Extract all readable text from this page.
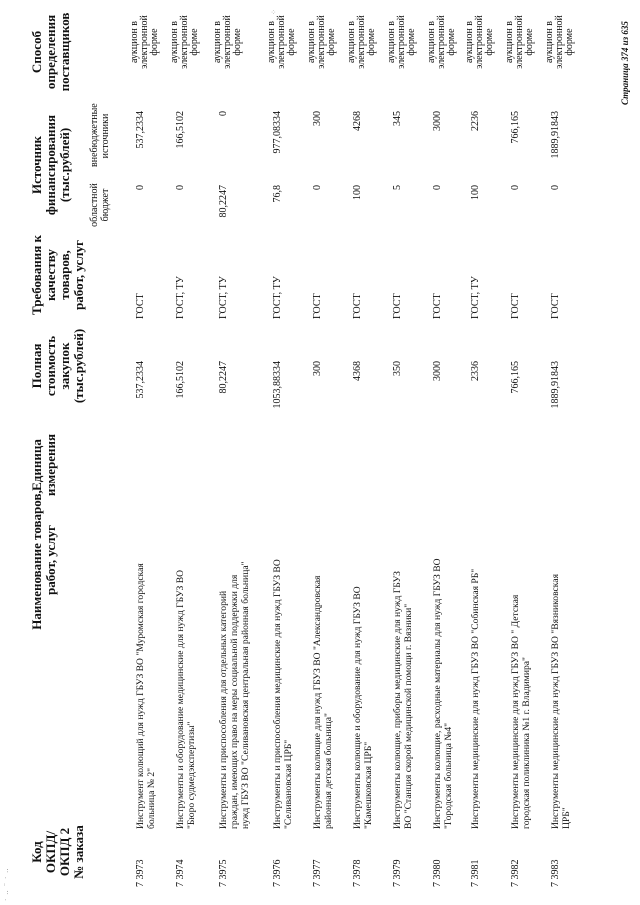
· ‥ ⁻ · ‥
⁘
Код ОКПД/ ОКПД 2 № заказа
Наименование товаров, работ, услуг
Единица измерения
Полная стоимость закупок (тыс.рублей)
Требования к качеству товаров, работ, услуг
Источник финансирования (тыс.рублей)
областной бюджет
внебюджетные источники
Способ определения поставщиков
7 3973
Инструмент колющий для нужд ГБУЗ ВО "Муромская городская больница № 2"
537,2334
ГОСТ
0
537,2334
аукцион в электронной форме
7 3974
Инструменты и оборудование медицинские для нужд ГБУЗ ВО "Бюро судмедэкспертизы"
166,5102
ГОСТ, ТУ
0
166,5102
аукцион в электронной форме
7 3975
Инструменты и приспособления для отдельных категорий граждан, имеющих право на меры социальной поддержки для нужд ГБУЗ ВО "Селивановская центральная районная больница"
80,2247
ГОСТ, ТУ
80,2247
0
аукцион в электронной форме
7 3976
Инструменты и приспособления медицинские для нужд ГБУЗ ВО "Селивановская ЦРБ"
1053,88334
ГОСТ, ТУ
76,8
977,08334
аукцион в электронной форме
7 3977
Инструменты колющие для нужд ГБУЗ ВО "Александровская районная детская больница"
300
ГОСТ
0
300
аукцион в электронной форме
7 3978
Инструменты колющие и оборудование для нужд ГБУЗ ВО "Камешковская ЦРБ"
4368
ГОСТ
100
4268
аукцион в электронной форме
7 3979
Инструменты колющие, приборы медицинские для нужд ГБУЗ ВО "Станция скорой медицинской помощи г. Вязники"
350
ГОСТ
5
345
аукцион в электронной форме
7 3980
Инструменты колющие, расходные материалы для нужд ГБУЗ ВО "Городская больница №4"
3000
ГОСТ
0
3000
аукцион в электронной форме
7 3981
Инструменты медицинские для нужд ГБУЗ ВО "Собинская РБ"
2336
ГОСТ, ТУ
100
2236
аукцион в электронной форме
7 3982
Инструменты медицинские для нужд ГБУЗ ВО " Детская городская поликлиника №1 г. Владимира"
766,165
ГОСТ
0
766,165
аукцион в электронной форме
7 3983
Инструменты медицинские для нужд ГБУЗ ВО "Вязниковская ЦРБ"
1889,91843
ГОСТ
0
1889,91843
аукцион в электронной форме	Страница 374 из 635
